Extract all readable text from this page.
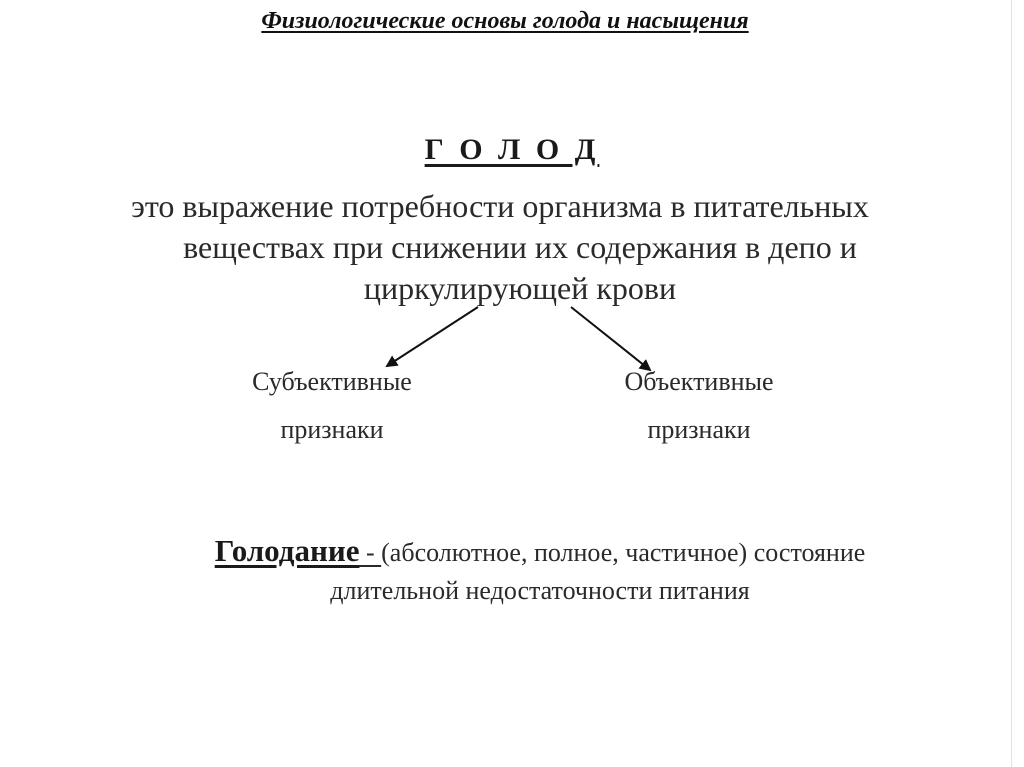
Физиологические основы голода и насыщения
Г О Л О Д
это выражение потребности организма в питательных
веществах при снижении их содержания в депо и
циркулирующей крови
Субъективные
признаки
Объективные
признаки
Голодание - (абсолютное, полное, частичное) состояние
длительной недостаточности питания
